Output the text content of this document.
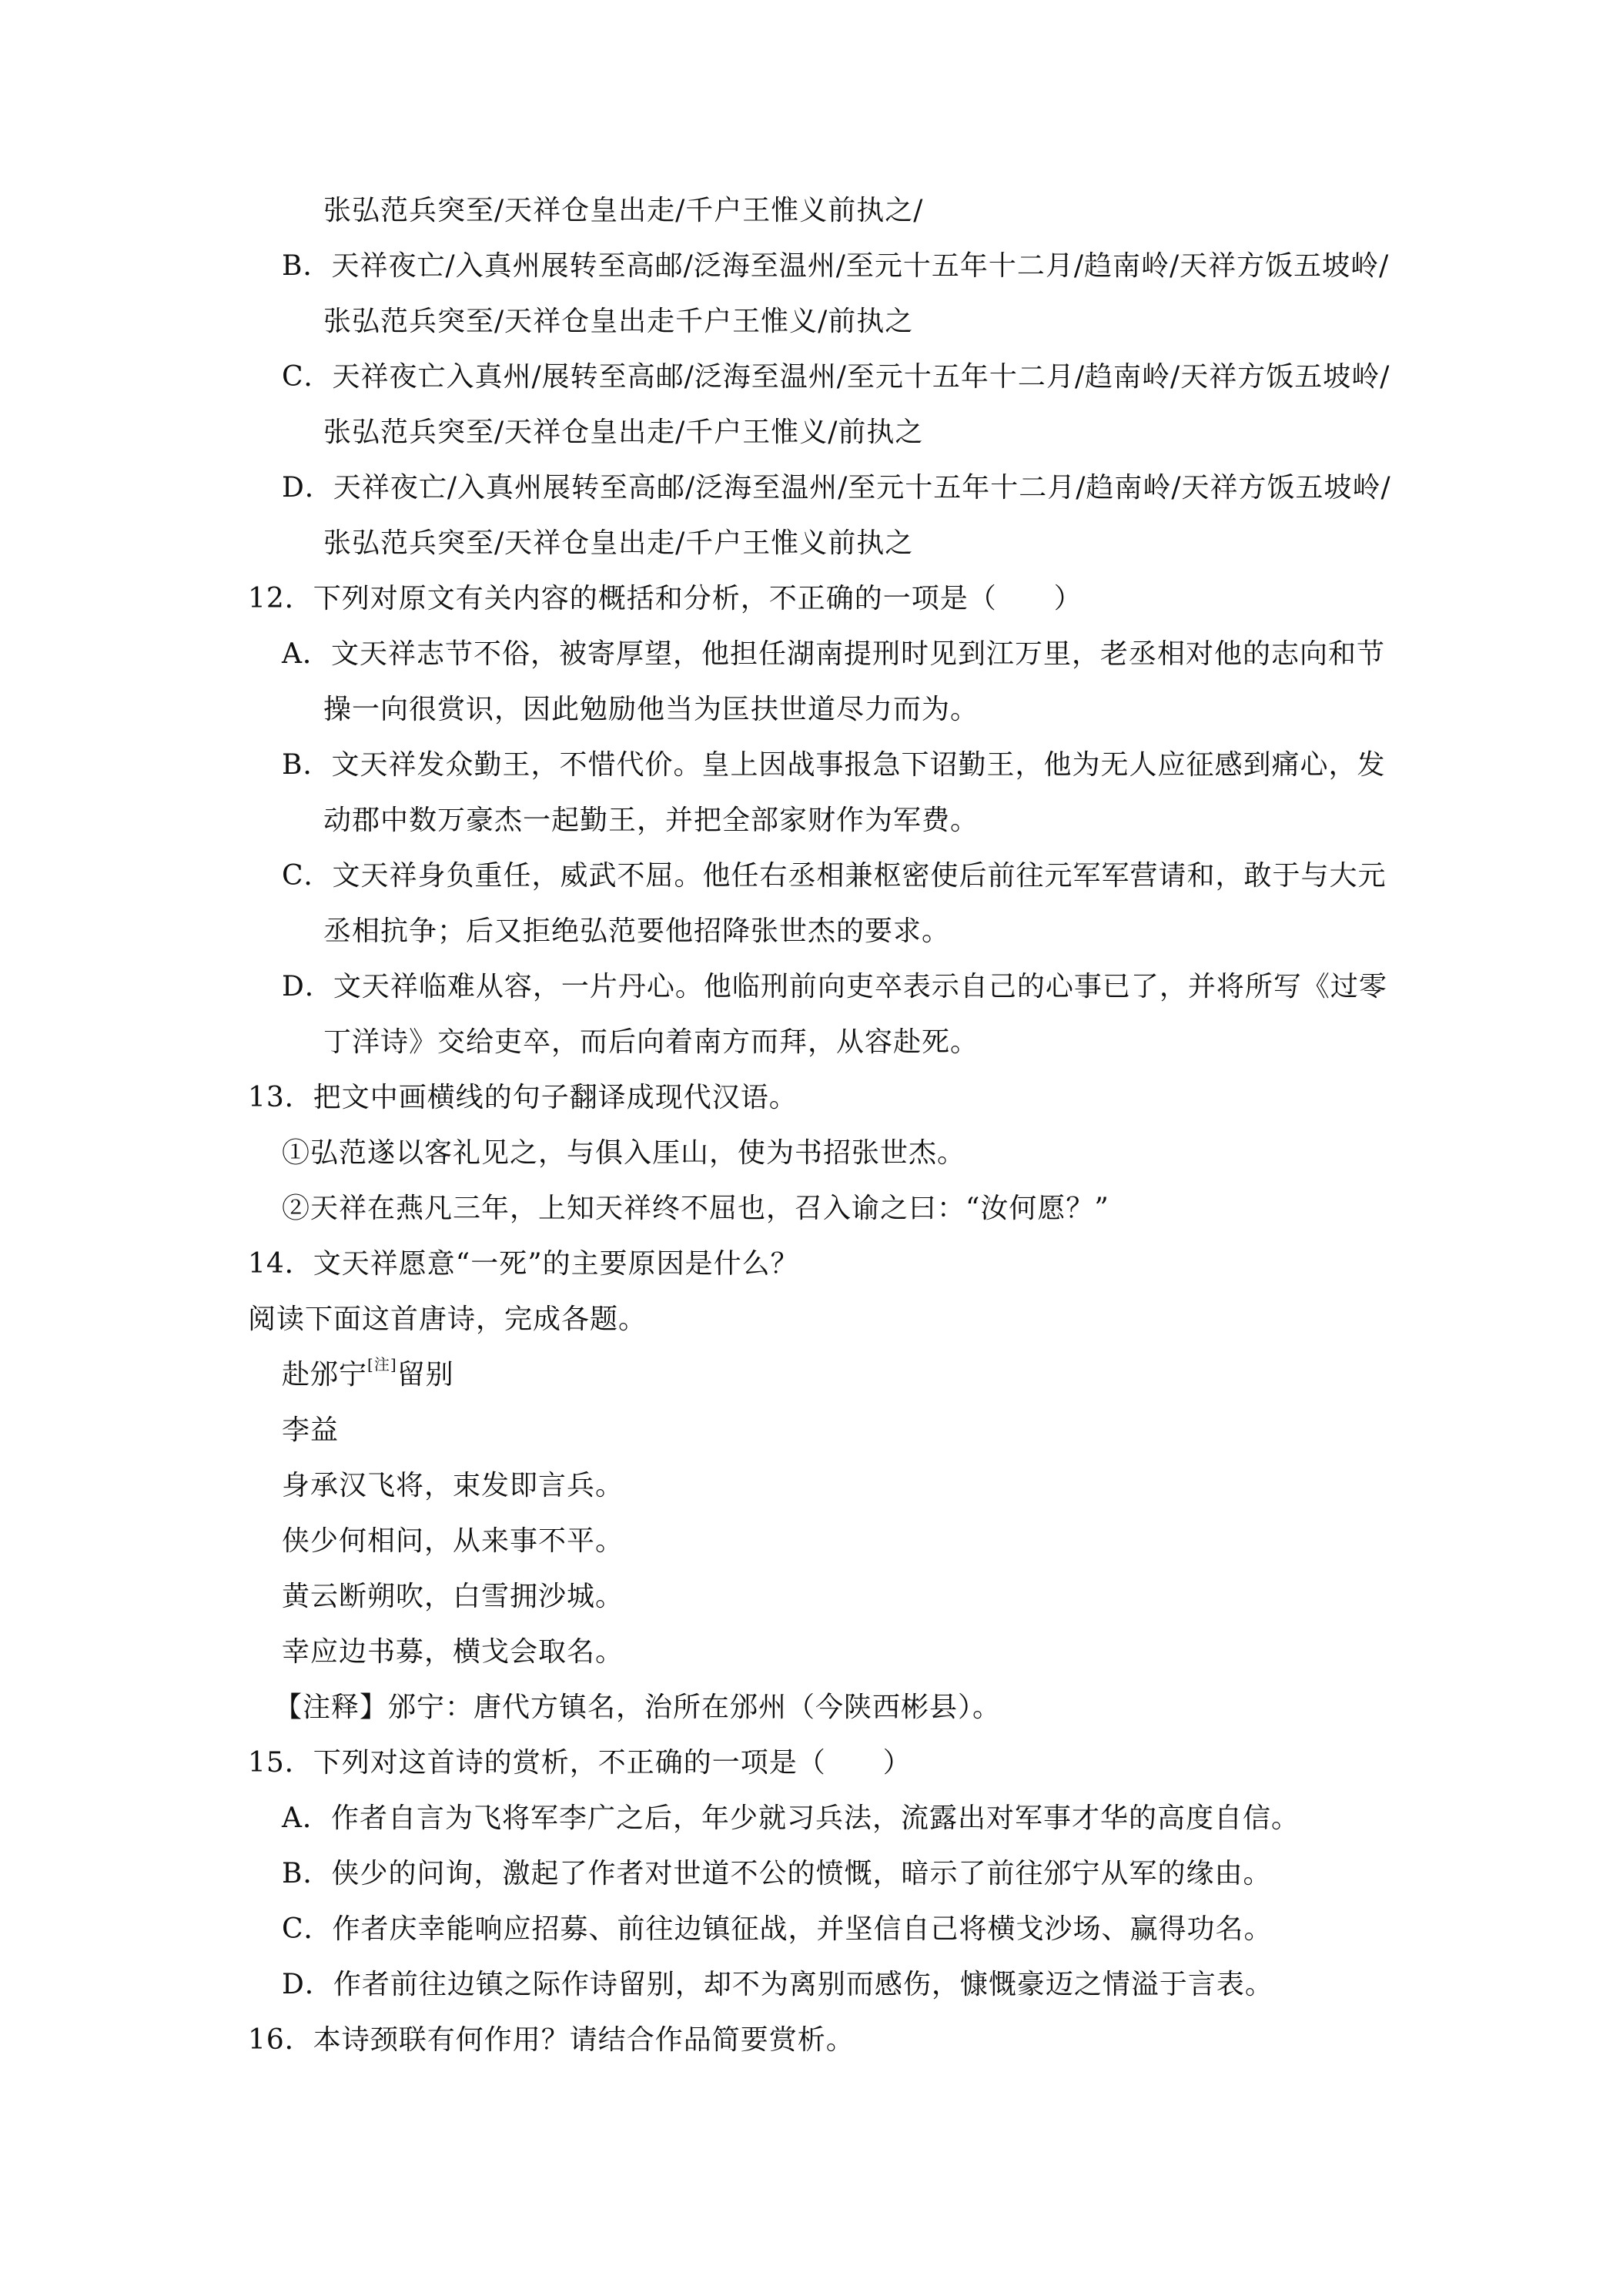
张弘范兵突至/天祥仓皇出走/千户王惟义前执之/
B．天祥夜亡/入真州展转至高邮/泛海至温州/至元十五年十二月/趋南岭/天祥方饭五坡岭/
张弘范兵突至/天祥仓皇出走千户王惟义/前执之
C．天祥夜亡入真州/展转至高邮/泛海至温州/至元十五年十二月/趋南岭/天祥方饭五坡岭/
张弘范兵突至/天祥仓皇出走/千户王惟义/前执之
D．天祥夜亡/入真州展转至高邮/泛海至温州/至元十五年十二月/趋南岭/天祥方饭五坡岭/
张弘范兵突至/天祥仓皇出走/千户王惟义前执之
12．下列对原文有关内容的概括和分析，不正确的一项是（　　）
A．文天祥志节不俗，被寄厚望，他担任湖南提刑时见到江万里，老丞相对他的志向和节
操一向很赏识，因此勉励他当为匡扶世道尽力而为。
B．文天祥发众勤王，不惜代价。皇上因战事报急下诏勤王，他为无人应征感到痛心，发
动郡中数万豪杰一起勤王，并把全部家财作为军费。
C．文天祥身负重任，威武不屈。他任右丞相兼枢密使后前往元军军营请和，敢于与大元
丞相抗争；后又拒绝弘范要他招降张世杰的要求。
D．文天祥临难从容，一片丹心。他临刑前向吏卒表示自己的心事已了，并将所写《过零
丁洋诗》交给吏卒，而后向着南方而拜，从容赴死。
13．把文中画横线的句子翻译成现代汉语。
①弘范遂以客礼见之，与俱入厓山，使为书招张世杰。
②天祥在燕凡三年，上知天祥终不屈也，召入谕之曰：“汝何愿？”
14．文天祥愿意“一死”的主要原因是什么？
阅读下面这首唐诗，完成各题。
赴邠宁[注]留别
李益
身承汉飞将，束发即言兵。
侠少何相问，从来事不平。
黄云断朔吹，白雪拥沙城。
幸应边书募，横戈会取名。
【注释】邠宁：唐代方镇名，治所在邠州（今陕西彬县）。
15．下列对这首诗的赏析，不正确的一项是（　　）
A．作者自言为飞将军李广之后，年少就习兵法，流露出对军事才华的高度自信。
B．侠少的问询，激起了作者对世道不公的愤慨，暗示了前往邠宁从军的缘由。
C．作者庆幸能响应招募、前往边镇征战，并坚信自己将横戈沙场、赢得功名。
D．作者前往边镇之际作诗留别，却不为离别而感伤，慷慨豪迈之情溢于言表。
16．本诗颈联有何作用？请结合作品简要赏析。
